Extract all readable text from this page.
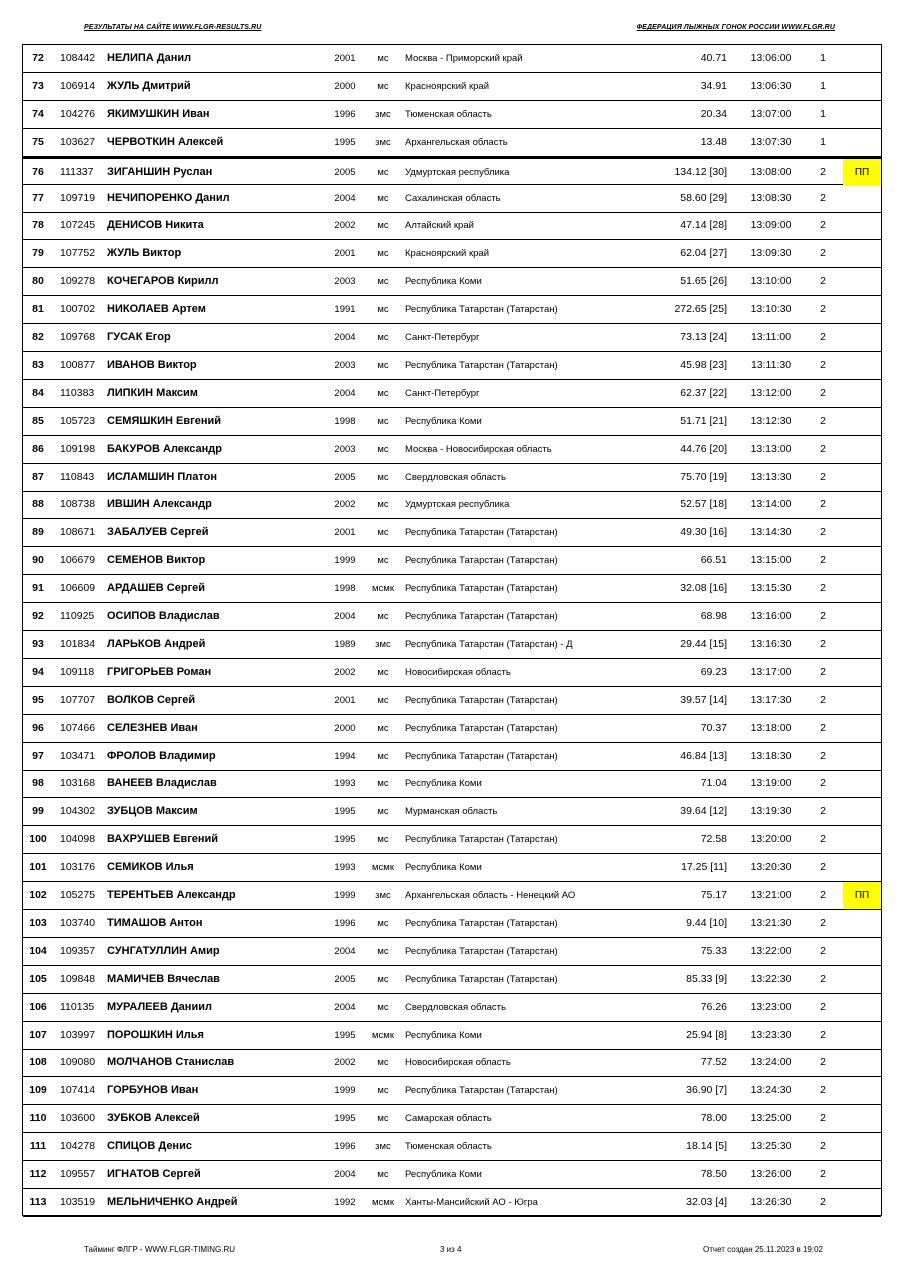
РЕЗУЛЬТАТЫ НА САЙТЕ WWW.FLGR-RESULTS.RU	ФЕДЕРАЦИЯ ЛЫЖНЫХ ГОНОК РОССИИ WWW.FLGR.RU
72	108442 НЕЛИПА Данил	2001	мс	Москва - Приморский край	40.71	13:06:00	1
73	106914 ЖУЛЬ Дмитрий	2000	мс	Красноярский край	34.91	13:06:30	1
74	104276 ЯКИМУШКИН Иван	1996	змс	Тюменская область	20.34	13:07:00	1
75	103627 ЧЕРВОТКИН Алексей	1995	змс	Архангельская область	13.48	13:07:30	1
76	111337 ЗИГАНШИН Руслан	2005	мс	Удмуртская республика	134.12 [30]	13:08:00	2	ПП
77	109719 НЕЧИПОРЕНКО Данил	2004	мс	Сахалинская область	58.60 [29]	13:08:30	2
78	107245 ДЕНИСОВ Никита	2002	мс	Алтайский край	47.14 [28]	13:09:00	2
79	107752 ЖУЛЬ Виктор	2001	мс	Красноярский край	62.04 [27]	13:09:30	2
80	109278 КОЧЕГАРОВ Кирилл	2003	мс	Республика Коми	51.65 [26]	13:10:00	2
81	100702 НИКОЛАЕВ Артем	1991	мс	Республика Татарстан (Татарстан)	272.65 [25]	13:10:30	2
82	109768 ГУСАК Егор	2004	мс	Санкт-Петербург	73.13 [24]	13:11:00	2
83	100877 ИВАНОВ Виктор	2003	мс	Республика Татарстан (Татарстан)	45.98 [23]	13:11:30	2
84	110383 ЛИПКИН Максим	2004	мс	Санкт-Петербург	62.37 [22]	13:12:00	2
85	105723 СЕМЯШКИН Евгений	1998	мс	Республика Коми	51.71 [21]	13:12:30	2
86	109198 БАКУРОВ Александр	2003	мс	Москва - Новосибирская область	44.76 [20]	13:13:00	2
87	110843 ИСЛАМШИН Платон	2005	мс	Свердловская область	75.70 [19]	13:13:30	2
88	108738 ИВШИН Александр	2002	мс	Удмуртская республика	52.57 [18]	13:14:00	2
89	108671 ЗАБАЛУЕВ Сергей	2001	мс	Республика Татарстан (Татарстан)	49.30 [16]	13:14:30	2
90	106679 СЕМЕНОВ Виктор	1999	мс	Республика Татарстан (Татарстан)	66.51	13:15:00	2
91	106609 АРДАШЕВ Сергей	1998	мсмк	Республика Татарстан (Татарстан)	32.08 [16]	13:15:30	2
92	110925 ОСИПОВ Владислав	2004	мс	Республика Татарстан (Татарстан)	68.98	13:16:00	2
93	101834 ЛАРЬКОВ Андрей	1989	змс	Республика Татарстан (Татарстан) - Д	29.44 [15]	13:16:30	2
94	109118 ГРИГОРЬЕВ Роман	2002	мс	Новосибирская область	69.23	13:17:00	2
95	107707 ВОЛКОВ Сергей	2001	мс	Республика Татарстан (Татарстан)	39.57 [14]	13:17:30	2
96	107466 СЕЛЕЗНЕВ Иван	2000	мс	Республика Татарстан (Татарстан)	70.37	13:18:00	2
97	103471 ФРОЛОВ Владимир	1994	мс	Республика Татарстан (Татарстан)	46.84 [13]	13:18:30	2
98	103168 ВАНЕЕВ Владислав	1993	мс	Республика Коми	71.04	13:19:00	2
99	104302 ЗУБЦОВ Максим	1995	мс	Мурманская область	39.64 [12]	13:19:30	2
100	104098 ВАХРУШЕВ Евгений	1995	мс	Республика Татарстан (Татарстан)	72.58	13:20:00	2
101	103176 СЕМИКОВ Илья	1993	мсмк	Республика Коми	17.25 [11]	13:20:30	2
102	105275 ТЕРЕНТЬЕВ Александр	1999	змс	Архангельская область - Ненецкий АО	75.17	13:21:00	2	ПП
103	103740 ТИМАШОВ Антон	1996	мс	Республика Татарстан (Татарстан)	9.44 [10]	13:21:30	2
104	109357 СУНГАТУЛЛИН Амир	2004	мс	Республика Татарстан (Татарстан)	75.33	13:22:00	2
105	109848 МАМИЧЕВ Вячеслав	2005	мс	Республика Татарстан (Татарстан)	85.33 [9]	13:22:30	2
106	110135 МУРАЛЕЕВ Даниил	2004	мс	Свердловская область	76.26	13:23:00	2
107	103997 ПОРОШКИН Илья	1995	мсмк	Республика Коми	25.94 [8]	13:23:30	2
108	109080 МОЛЧАНОВ Станислав	2002	мс	Новосибирская область	77.52	13:24:00	2
109	107414 ГОРБУНОВ Иван	1999	мс	Республика Татарстан (Татарстан)	36.90 [7]	13:24:30	2
110	103600 ЗУБКОВ Алексей	1995	мс	Самарская область	78.00	13:25:00	2
111	104278 СПИЦОВ Денис	1996	змс	Тюменская область	18.14 [5]	13:25:30	2
112	109557 ИГНАТОВ Сергей	2004	мс	Республика Коми	78.50	13:26:00	2
113	103519 МЕЛЬНИЧЕНКО Андрей	1992	мсмк	Ханты-Мансийский АО - Югра	32.03 [4]	13:26:30	2
Тайминг ФЛГР - WWW.FLGR-TIMING.RU	3 из 4	Отчет создан 25.11.2023 в 19:02
